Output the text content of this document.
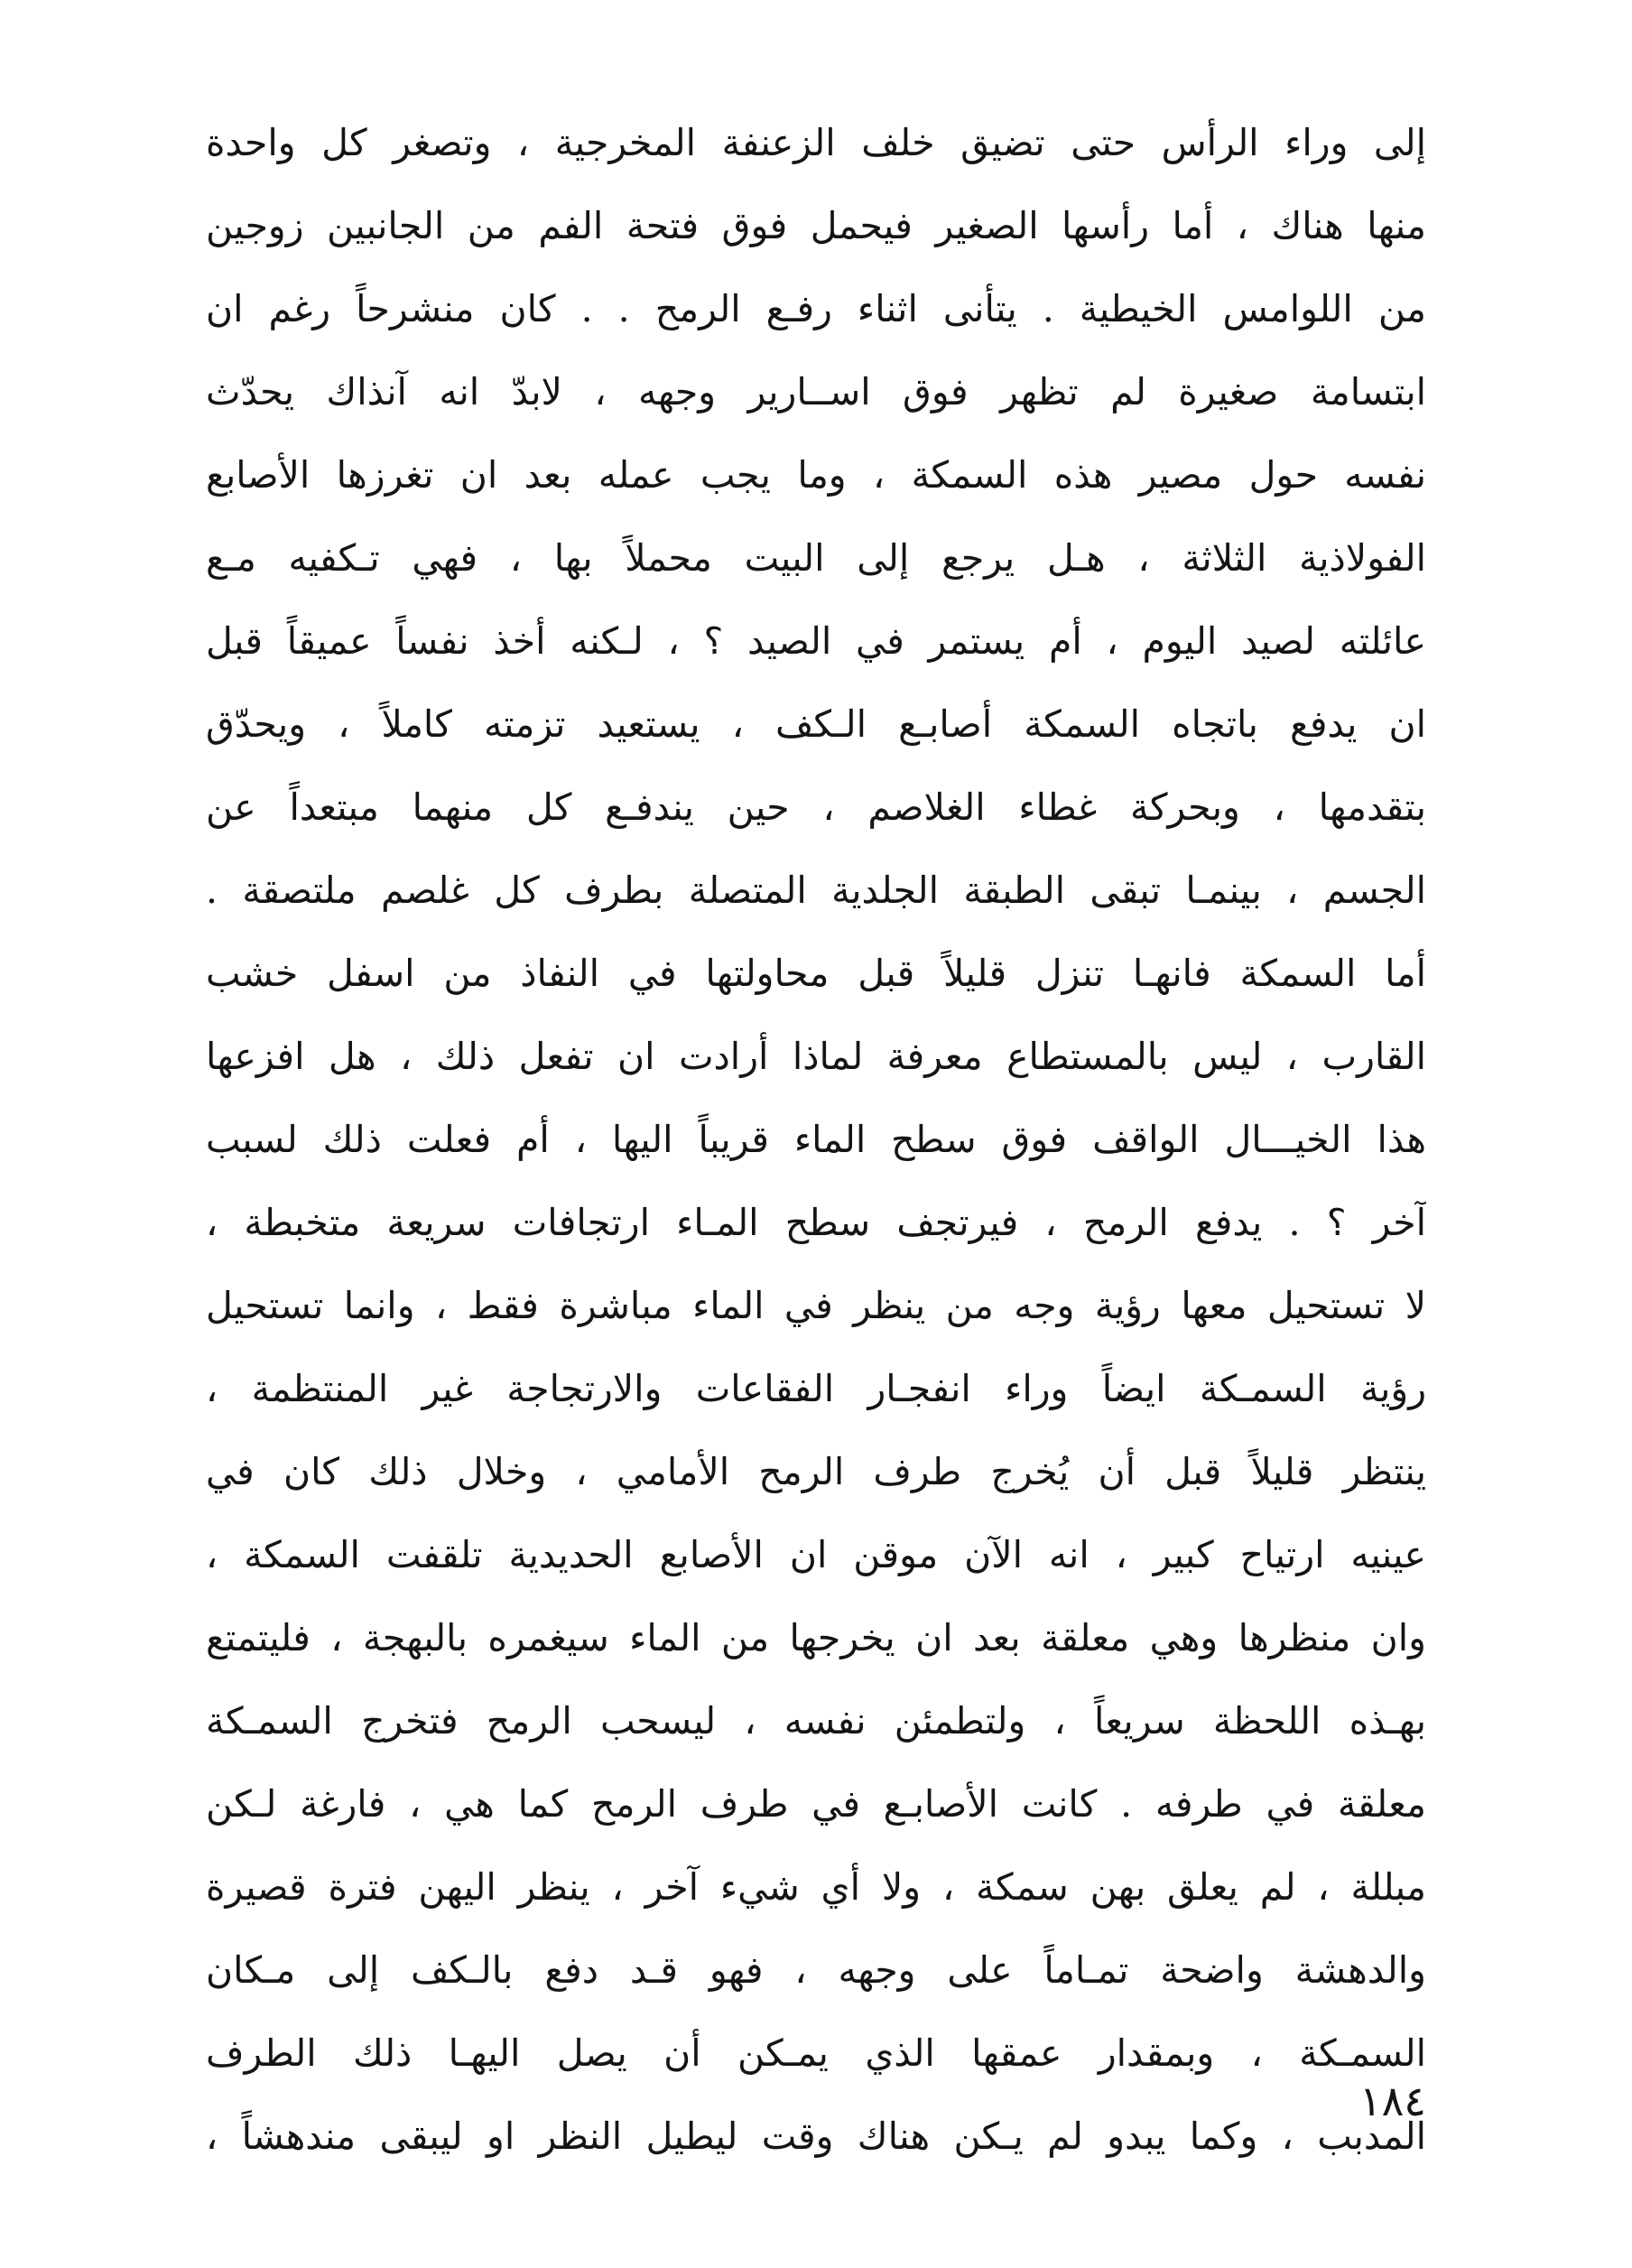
إلى وراء الرأس حتى تضيق خلف الزعنفة المخرجية ، وتصغر كل واحدة
منها هناك ، أما رأسها الصغير فيحمل فوق فتحة الفم من الجانبين زوجين
من اللوامس الخيطية . يتأنى اثناء رفـع الرمح . . كان منشرحاً رغم ان
ابتسامة صغيرة لم تظهر فوق اســارير وجهه ، لابدّ انه آنذاك يحدّث
نفسه حول مصير هذه السمكة ، وما يجب عمله بعد ان تغرزها الأصابع
الفولاذية الثلاثة ، هـل يرجع إلى البيت محملاً بها ، فهي تـكفيه مـع
عائلته لصيد اليوم ، أم يستمر في الصيد ؟ ، لـكنه أخذ نفساً عميقاً قبل
ان يدفع باتجاه السمكة أصابـع الـكف ، يستعيد تزمته كاملاً ، ويحدّق
بتقدمها ، وبحركة غطاء الغلاصم ، حين يندفـع كل منهما مبتعداً عن
الجسم ، بينمـا تبقى الطبقة الجلدية المتصلة بطرف كل غلصم ملتصقة .
أما السمكة فانهـا تنزل قليلاً قبل محاولتها في النفاذ من اسفل خشب
القارب ، ليس بالمستطاع معرفة لماذا أرادت ان تفعل ذلك ، هل افزعها
هذا الخيـــال الواقف فوق سطح الماء قريباً اليها ، أم فعلت ذلك لسبب
آخر ؟ . يدفع الرمح ، فيرتجف سطح المـاء ارتجافات سريعة متخبطة ،
لا تستحيل معها رؤية وجه من ينظر في الماء مباشرة فقط ، وانما تستحيل
رؤية السمـكة ايضاً وراء انفجـار الفقاعات والارتجاجة غير المنتظمة ،
ينتظر قليلاً قبل أن يُخرج طرف الرمح الأمامي ، وخلال ذلك كان في
عينيه ارتياح كبير ، انه الآن موقن ان الأصابع الحديدية تلقفت السمكة ،
وان منظرها وهي معلقة بعد ان يخرجها من الماء سيغمره بالبهجة ، فليتمتع
بهـذه اللحظة سريعاً ، ولتطمئن نفسه ، ليسحب الرمح فتخرج السمـكة
معلقة في طرفه . كانت الأصابـع في طرف الرمح كما هي ، فارغة لـكن
مبللة ، لم يعلق بهن سمكة ، ولا أي شيء آخر ، ينظر اليهن فترة قصيرة
والدهشة واضحة تمـاماً على وجهه ، فهو قـد دفع بالـكف إلى مـكان
السمـكة ، وبمقدار عمقها الذي يمـكن أن يصل اليهـا ذلك الطرف
المدبب ، وكما يبدو لم يـكن هناك وقت ليطيل النظر او ليبقى مندهشاً ،
١٨٤
